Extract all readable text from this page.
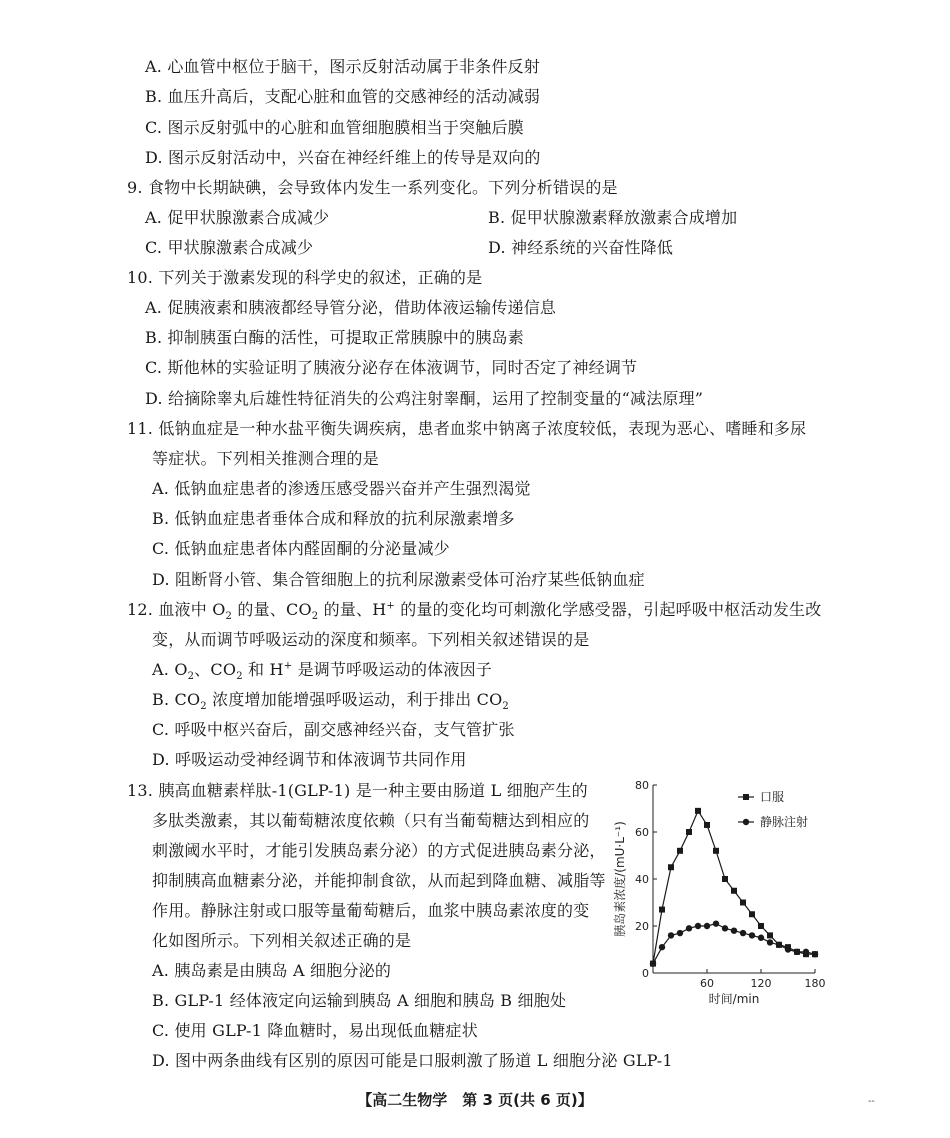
A. 心血管中枢位于脑干，图示反射活动属于非条件反射
B. 血压升高后，支配心脏和血管的交感神经的活动减弱
C. 图示反射弧中的心脏和血管细胞膜相当于突触后膜
D. 图示反射活动中，兴奋在神经纤维上的传导是双向的
9. 食物中长期缺碘，会导致体内发生一系列变化。下列分析错误的是
A. 促甲状腺激素合成减少	B. 促甲状腺激素释放激素合成增加
C. 甲状腺激素合成减少	D. 神经系统的兴奋性降低
10. 下列关于激素发现的科学史的叙述，正确的是
A. 促胰液素和胰液都经导管分泌，借助体液运输传递信息
B. 抑制胰蛋白酶的活性，可提取正常胰腺中的胰岛素
C. 斯他林的实验证明了胰液分泌存在体液调节，同时否定了神经调节
D. 给摘除睾丸后雄性特征消失的公鸡注射睾酮，运用了控制变量的“减法原理”
11. 低钠血症是一种水盐平衡失调疾病，患者血浆中钠离子浓度较低，表现为恶心、嗜睡和多尿
等症状。下列相关推测合理的是
A. 低钠血症患者的渗透压感受器兴奋并产生强烈渴觉
B. 低钠血症患者垂体合成和释放的抗利尿激素增多
C. 低钠血症患者体内醛固酮的分泌量减少
D. 阻断肾小管、集合管细胞上的抗利尿激素受体可治疗某些低钠血症
12. 血液中 $O_2$ 的量、$CO_2$ 的量、H+ 的量的变化均可刺激化学感受器，引起呼吸中枢活动发生改
变，从而调节呼吸运动的深度和频率。下列相关叙述错误的是
A. $O_2$、$CO_2$ 和 H+ 是调节呼吸运动的体液因子
B. $CO_2$ 浓度增加能增强呼吸运动，利于排出 $CO_2$
C. 呼吸中枢兴奋后，副交感神经兴奋，支气管扩张
D. 呼吸运动受神经调节和体液调节共同作用
13. 胰高血糖素样肽-1(GLP-1) 是一种主要由肠道 L 细胞产生的
多肽类激素，其以葡萄糖浓度依赖（只有当葡萄糖达到相应的
刺激阈水平时，才能引发胰岛素分泌）的方式促进胰岛素分泌，
抑制胰高血糖素分泌，并能抑制食欲，从而起到降血糖、减脂等
作用。静脉注射或口服等量葡萄糖后，血浆中胰岛素浓度的变
化如图所示。下列相关叙述正确的是
A. 胰岛素是由胰岛 A 细胞分泌的
B. GLP-1 经体液定向运输到胰岛 A 细胞和胰岛 B 细胞处
C. 使用 GLP-1 降血糖时，易出现低血糖症状
D. 图中两条曲线有区别的原因可能是口服刺激了肠道 L 细胞分泌 GLP-1
0
20
40
60
80
60	120	180
时间/min
胰岛素浓度/(mU·L⁻¹)
口服
静脉注射
【高二生物学　第 3 页(共 6 页)】	--
